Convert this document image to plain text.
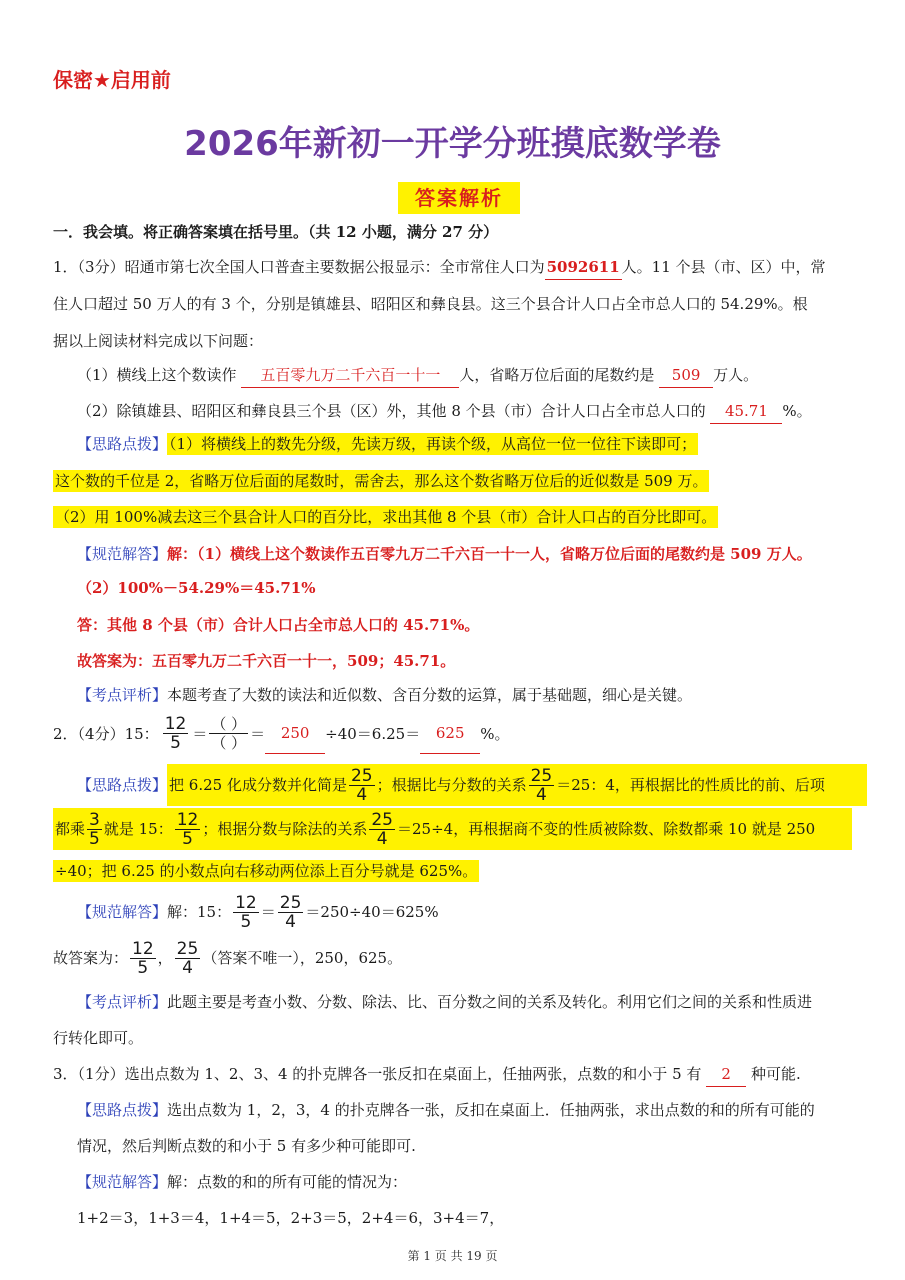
保密★启用前
2026年新初一开学分班摸底数学卷
答案解析
一．我会填。将正确答案填在括号里。（共 12 小题，满分 27 分）
1．（3分）昭通市第七次全国人口普查主要数据公报显示：全市常住人口为 5092611 人。11 个县（市、区）中，常
住人口超过 50 万人的有 3 个，分别是镇雄县、昭阳区和彝良县。这三个县合计人口占全市总人口的 54.29%。根
据以上阅读材料完成以下问题：
（1）横线上这个数读作 五百零九万二千六百一十一 人，省略万位后面的尾数约是 509 万人。
（2）除镇雄县、昭阳区和彝良县三个县（区）外，其他 8 个县（市）合计人口占全市总人口的 45.71 %。
【思路点拨】 （1）将横线上的数先分级，先读万级，再读个级，从高位一位一位往下读即可；
这个数的千位是 2，省略万位后面的尾数时，需舍去，那么这个数省略万位后的近似数是 509 万。
（2）用 100%减去这三个县合计人口的百分比，求出其他 8 个县（市）合计人口占的百分比即可。
【规范解答】解：（1）横线上这个数读作五百零九万二千六百一十一人，省略万位后面的尾数约是 509 万人。
（2）100%－54.29%＝45.71%
答：其他 8 个县（市）合计人口占全市总人口的 45.71%。
故答案为：五百零九万二千六百一十一，509；45.71。
【考点评析】本题考查了大数的读法和近似数、含百分数的运算，属于基础题，细心是关键。
2．（4分）15： $\frac{12}{5} = \frac{( )}{( )}$ ＝	250	÷40＝6.25＝	625	%。
【思路点拨】 把 6.25 化成分数并化简是 $\frac{25}{4}$ ；根据比与分数的关系 $\frac{25}{4} =25$：4，再根据比的性质比的前、后项
都乘 $\frac{3}{5}$ 就是 15： $\frac{12}{5}$ ；根据分数与除法的关系 $\frac{25}{4} =25\div 4$，再根据商不变的性质被除数、除数都乘 10 就是 250
÷40；把 6.25 的小数点向右移动两位添上百分号就是 625%。
【规范解答】 解：15： $\frac{12}{5} = \frac{25}{4} =250\div 40=625\%$
故答案为： $\frac{12}{5}$ ， $\frac{25}{4}$ （答案不唯一），250，625。
【考点评析】此题主要是考查小数、分数、除法、比、百分数之间的关系及转化。利用它们之间的关系和性质进
行转化即可。
3．（1分）选出点数为 1、2、3、4 的扑克牌各一张反扣在桌面上，任抽两张，点数的和小于 5 有 2 种可能.
【思路点拨】选出点数为 1，2，3，4 的扑克牌各一张，反扣在桌面上．任抽两张，求出点数的和的所有可能的
情况，然后判断点数的和小于 5 有多少种可能即可.
【规范解答】解：点数的和的所有可能的情况为：
1+2＝3，1+3＝4，1+4＝5，2+3＝5，2+4＝6，3+4＝7，
第 1 页 共 19 页
